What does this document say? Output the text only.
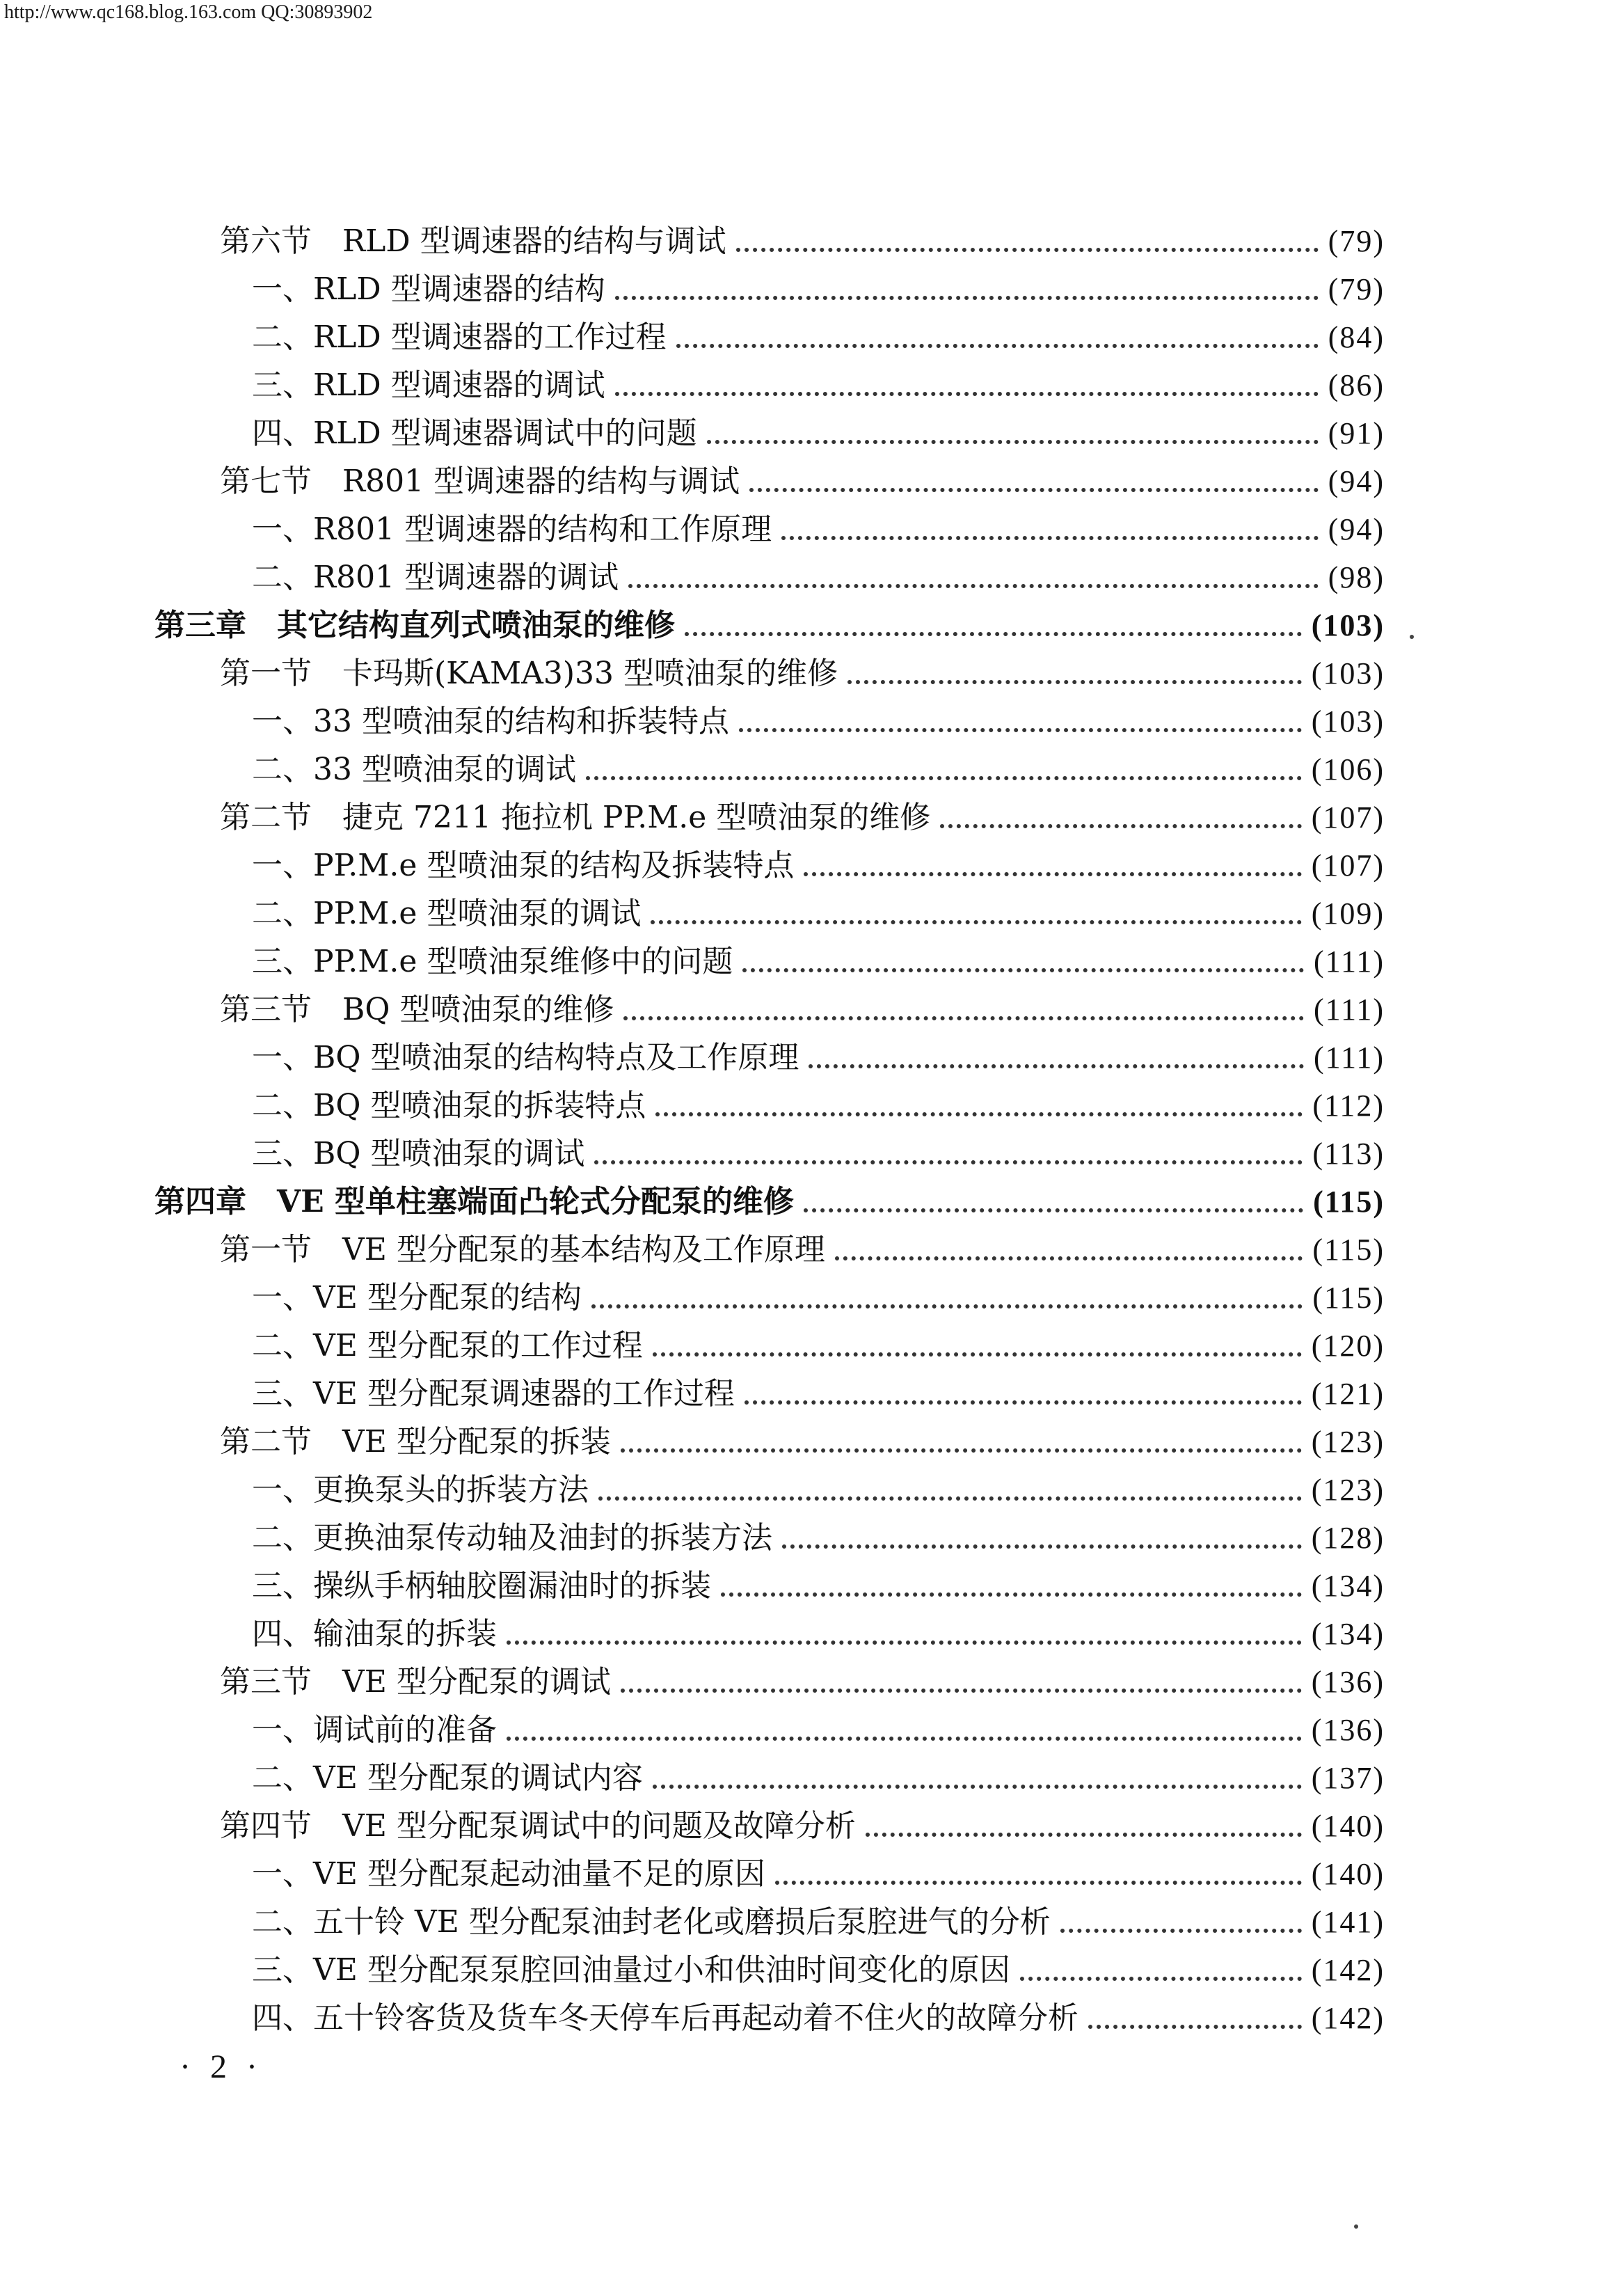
http://www.qc168.blog.163.com QQ:30893902
第六节　RLD 型调速器的结构与调试	(79)
一、RLD 型调速器的结构	(79)
二、RLD 型调速器的工作过程	(84)
三、RLD 型调速器的调试	(86)
四、RLD 型调速器调试中的问题	(91)
第七节　R801 型调速器的结构与调试	(94)
一、R801 型调速器的结构和工作原理	(94)
二、R801 型调速器的调试	(98)
第三章　其它结构直列式喷油泵的维修	(103)
第一节　卡玛斯(KAMA3)33 型喷油泵的维修	(103)
一、33 型喷油泵的结构和拆装特点	(103)
二、33 型喷油泵的调试	(106)
第二节　捷克 7211 拖拉机 PP.M.e 型喷油泵的维修	(107)
一、PP.M.e 型喷油泵的结构及拆装特点	(107)
二、PP.M.e 型喷油泵的调试	(109)
三、PP.M.e 型喷油泵维修中的问题	(111)
第三节　BQ 型喷油泵的维修	(111)
一、BQ 型喷油泵的结构特点及工作原理	(111)
二、BQ 型喷油泵的拆装特点	(112)
三、BQ 型喷油泵的调试	(113)
第四章　VE 型单柱塞端面凸轮式分配泵的维修	(115)
第一节　VE 型分配泵的基本结构及工作原理	(115)
一、VE 型分配泵的结构	(115)
二、VE 型分配泵的工作过程	(120)
三、VE 型分配泵调速器的工作过程	(121)
第二节　VE 型分配泵的拆装	(123)
一、更换泵头的拆装方法	(123)
二、更换油泵传动轴及油封的拆装方法	(128)
三、操纵手柄轴胶圈漏油时的拆装	(134)
四、输油泵的拆装	(134)
第三节　VE 型分配泵的调试	(136)
一、调试前的准备	(136)
二、VE 型分配泵的调试内容	(137)
第四节　VE 型分配泵调试中的问题及故障分析	(140)
一、VE 型分配泵起动油量不足的原因	(140)
二、五十铃 VE 型分配泵油封老化或磨损后泵腔进气的分析	(141)
三、VE 型分配泵泵腔回油量过小和供油时间变化的原因	(142)
四、五十铃客货及货车冬天停车后再起动着不住火的故障分析	(142)
· 2 ·
